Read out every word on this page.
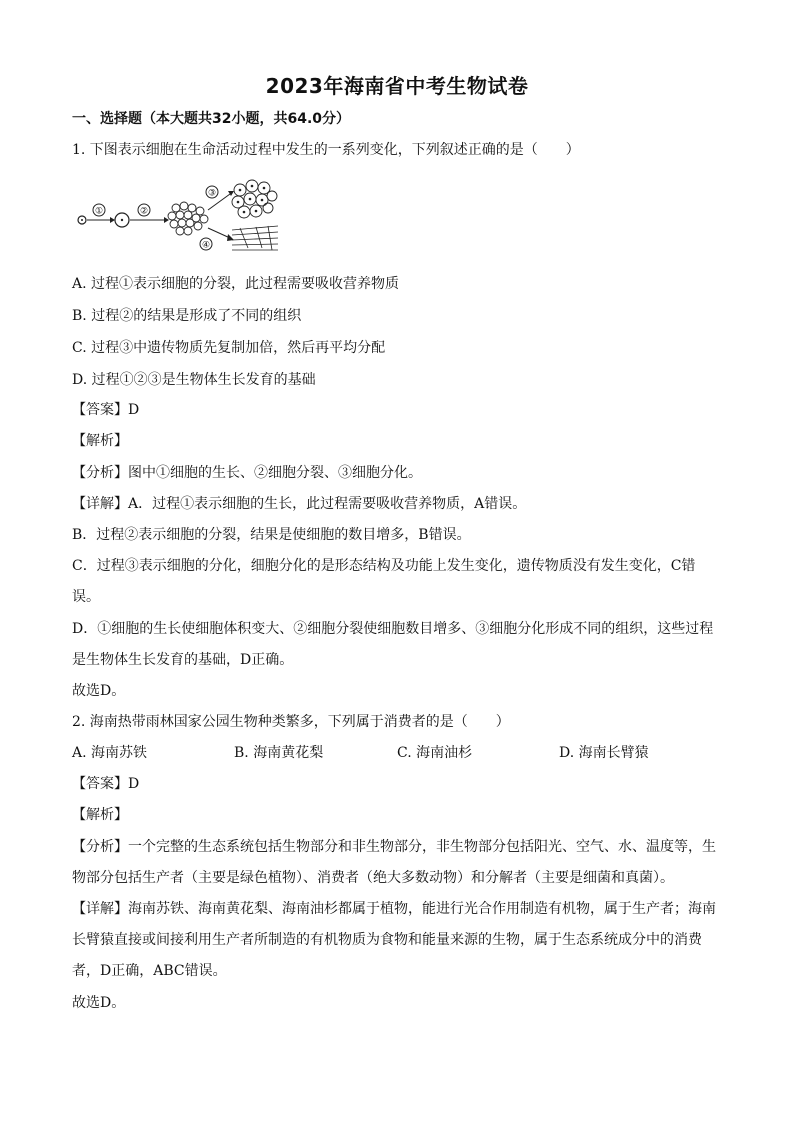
2023年海南省中考生物试卷
一、选择题（本大题共32小题，共64.0分）
1. 下图表示细胞在生命活动过程中发生的一系列变化，下列叙述正确的是（　　）
①	②
③
④
A. 过程①表示细胞的分裂，此过程需要吸收营养物质
B. 过程②的结果是形成了不同的组织
C. 过程③中遗传物质先复制加倍，然后再平均分配
D. 过程①②③是生物体生长发育的基础
【答案】D
【解析】
【分析】图中①细胞的生长、②细胞分裂、③细胞分化。
【详解】A．过程①表示细胞的生长，此过程需要吸收营养物质，A错误。
B．过程②表示细胞的分裂，结果是使细胞的数目增多，B错误。
C．过程③表示细胞的分化，细胞分化的是形态结构及功能上发生变化，遗传物质没有发生变化，C错
误。
D．①细胞的生长使细胞体积变大、②细胞分裂使细胞数目增多、③细胞分化形成不同的组织，这些过程
是生物体生长发育的基础，D正确。
故选D。
2. 海南热带雨林国家公园生物种类繁多，下列属于消费者的是（　　）
A. 海南苏铁	B. 海南黄花梨	C. 海南油杉	D. 海南长臂猿
【答案】D
【解析】
【分析】一个完整的生态系统包括生物部分和非生物部分，非生物部分包括阳光、空气、水、温度等，生
物部分包括生产者（主要是绿色植物）、消费者（绝大多数动物）和分解者（主要是细菌和真菌）。
【详解】海南苏铁、海南黄花梨、海南油杉都属于植物，能进行光合作用制造有机物，属于生产者；海南
长臂猿直接或间接利用生产者所制造的有机物质为食物和能量来源的生物，属于生态系统成分中的消费
者，D正确，ABC错误。
故选D。
